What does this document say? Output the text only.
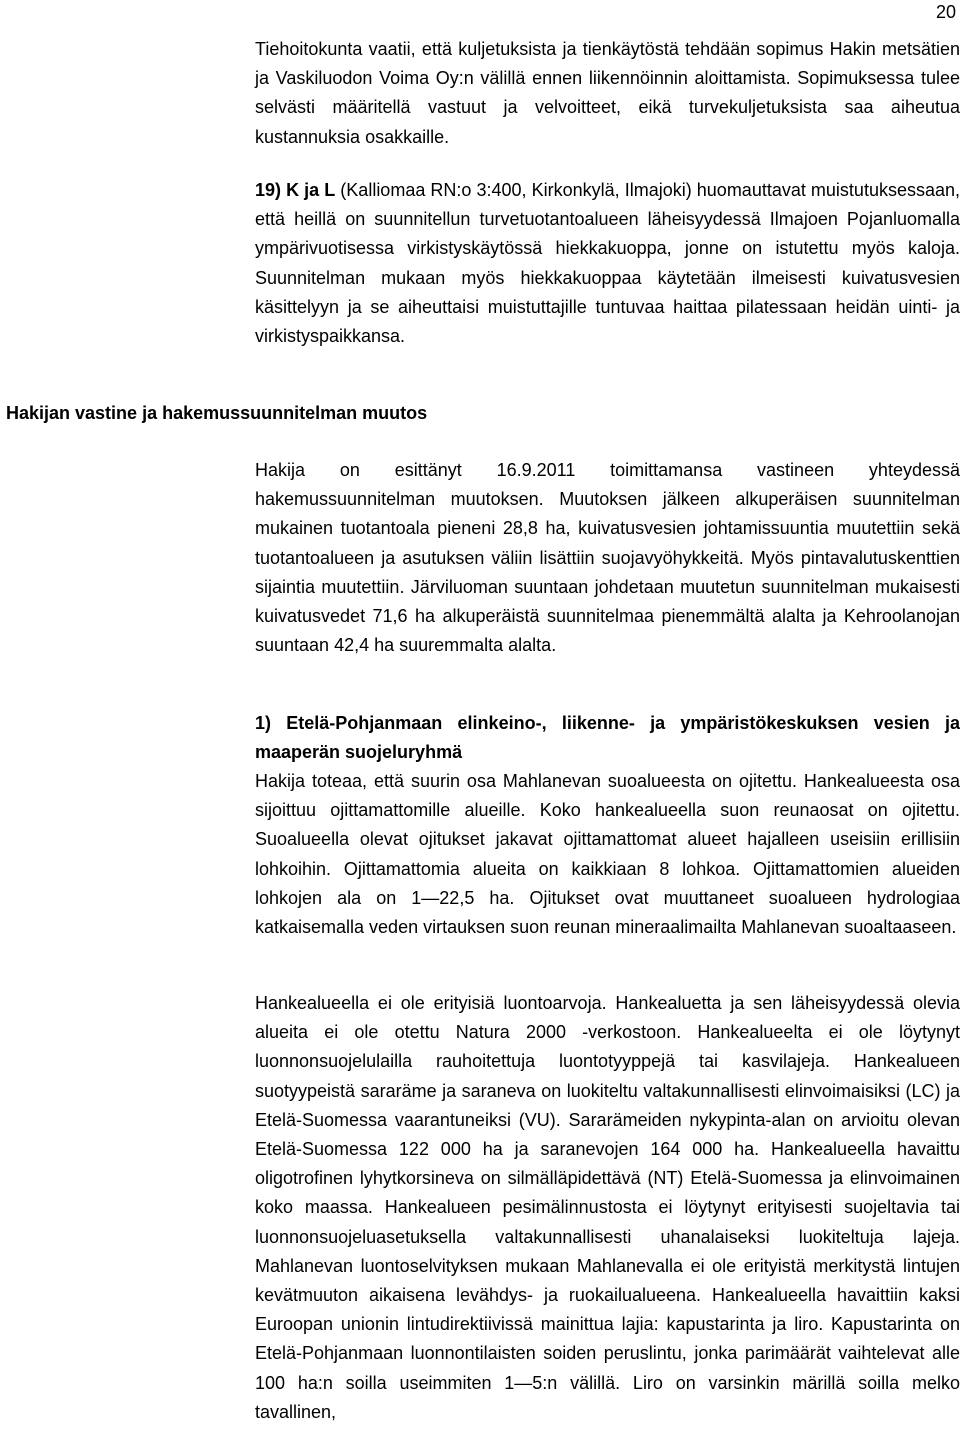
20

Tiehoitokunta vaatii, että kuljetuksista ja tienkäytöstä tehdään sopimus Hakin metsätien ja Vaskiluodon Voima Oy:n välillä ennen liikennöinnin aloittamista. Sopimuksessa tulee selvästi määritellä vastuut ja velvoitteet, eikä turvekuljetuksista saa aiheutua kustannuksia osakkaille.

19) K ja L (Kalliomaa RN:o 3:400, Kirkonkylä, Ilmajoki) huomauttavat muistutuksessaan, että heillä on suunnitellun turvetuotantoalueen läheisyydessä Ilmajoen Pojanluomalla ympärivuotisessa virkistyskäytössä hiekkakuoppa, jonne on istutettu myös kaloja. Suunnitelman mukaan myös hiekkakuoppaa käytetään ilmeisesti kuivatusvesien käsittelyyn ja se aiheuttaisi muistuttajille tuntuvaa haittaa pilatessaan heidän uinti- ja virkistyspaikkansa.

Hakijan vastine ja hakemussuunnitelman muutos

Hakija on esittänyt 16.9.2011 toimittamansa vastineen yhteydessä hakemussuunnitelman muutoksen. Muutoksen jälkeen alkuperäisen suunnitelman mukainen tuotantoala pieneni 28,8 ha, kuivatusvesien johtamissuuntia muutettiin sekä tuotantoalueen ja asutuksen väliin lisättiin suojavyöhykkeitä. Myös pintavalutuskenttien sijaintia muutettiin. Järviluoman suuntaan johdetaan muutetun suunnitelman mukaisesti kuivatusvedet 71,6 ha alkuperäistä suunnitelmaa pienemmältä alalta ja Kehroolanojan suuntaan 42,4 ha suuremmalta alalta.

1) Etelä-Pohjanmaan elinkeino-, liikenne- ja ympäristökeskuksen vesien ja maaperän suojeluryhmä

Hakija toteaa, että suurin osa Mahlanevan suoalueesta on ojitettu. Hankealueesta osa sijoittuu ojittamattomille alueille. Koko hankealueella suon reunaosat on ojitettu. Suoalueella olevat ojitukset jakavat ojittamattomat alueet hajalleen useisiin erillisiin lohkoihin. Ojittamattomia alueita on kaikkiaan 8 lohkoa. Ojittamattomien alueiden lohkojen ala on 1—22,5 ha. Ojitukset ovat muuttaneet suoalueen hydrologiaa katkaisemalla veden virtauksen suon reunan mineraalimailta Mahlanevan suoaltaaseen.

Hankealueella ei ole erityisiä luontoarvoja. Hankealuetta ja sen läheisyydessä olevia alueita ei ole otettu Natura 2000 -verkostoon. Hankealueelta ei ole löytynyt luonnonsuojelulailla rauhoitettuja luontotyyppejä tai kasvilajeja. Hankealueen suotyypeistä sararäme ja saraneva on luokiteltu valtakunnallisesti elinvoimaisiksi (LC) ja Etelä-Suomessa vaarantuneiksi (VU). Sararämeiden nykypinta-alan on arvioitu olevan Etelä-Suomessa 122 000 ha ja saranevojen 164 000 ha. Hankealueella havaittu oligotrofinen lyhytkorsineva on silmälläpidettävä (NT) Etelä-Suomessa ja elinvoimainen koko maassa. Hankealueen pesimälinnustosta ei löytynyt erityisesti suojeltavia tai luonnonsuojeluasetuksella valtakunnallisesti uhanalaiseksi luokiteltuja lajeja. Mahlanevan luontoselvityksen mukaan Mahlanevalla ei ole erityistä merkitystä lintujen kevätmuuton aikaisena levähdys- ja ruokailualueena. Hankealueella havaittiin kaksi Euroopan unionin lintudirektiivissä mainittua lajia: kapustarinta ja liro. Kapustarinta on Etelä-Pohjanmaan luonnontilaisten soiden peruslintu, jonka parimäärät vaihtelevat alle 100 ha:n soilla useimmiten 1—5:n välillä. Liro on varsinkin märillä soilla melko tavallinen,
